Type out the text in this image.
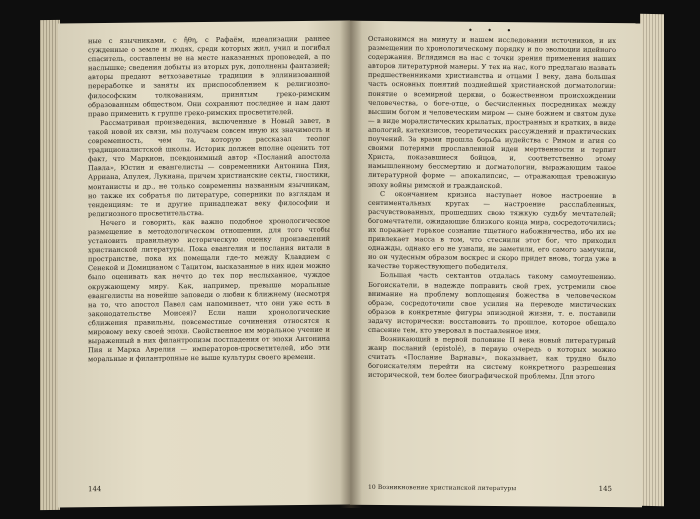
ные с язычниками, с ἤθη, с Рафаём, идеализации раннее сужденные о земле и людях, среди которых жил, учил и погибал спаситель, составлены не на месте наказанных проповедей, а по наслышке; сведения добыты из вторых рук, дополнены фантазией; авторы предают ветхозаветные традиции в эллинизованной переработке и заняты их приспособлением к религиозно-философским толкованиям, принятым греко-римским образованным обществом. Они сохраняют последнее и нам дают право применить к группе греко-римских просветителей.

Рассматривая произведения, включенные в Новый завет, в такой новой их связи, мы получаем совсем иную их значимость и современность, чем та, которую рассказал теолог традиционалистской школы. Историк должен вполне оценить тот факт, что Маркион, псевдонимный автор «Посланий апостола Павла», Юстин и евангелисты — современники Антонина Пия, Арриана, Апулея, Лукиана, причем христианские секты, гностики, монтанисты и др., не только современны названным язычникам, но также их собратья по литературе, соперники по взглядам и тенденциям: те и другие принадлежат веку философии и религиозного просветительства.

Нечего и говорить, как важно подобное хронологическое размещение в методологическом отношении, для того чтобы установить правильную историческую оценку произведений христианской литературы. Пока евангелия и послания витали в пространстве, пока их помещали где-то между Клавдием с Сенекой и Домицианом с Тацитом, высказанные в них идеи можно было оценивать как нечто до тех пор неслыханное, чуждое окружающему миру. Как, например, превыше моральные евангелисты на новейше заповеди о любви к ближнему (несмотря на то, что апостол Павел сам напоминает, что они уже есть в законодательстве Моисея)? Если наши хронологические сближения правильны, повсеместные сочинения относятся к мировому веку своей эпохи. Свойственное им моральное учение и выраженный в них филантропизм постпадения от эпохи Антонина Пия и Марка Аврелия — императоров-просветителей, ибо эти моральные и филантропные не выше культуры своего времени.

144
• • •

Остановимся на минуту и нашем исследовании источников, и их размещении по хронологическому порядку и по эволюции идейного содержания. Вглядимся на нас с точки зрения применения наших авторов литературной манеры. У тех на нас, кого предлагаю назвать предшественниками христианства и отцами I веку, дана большая часть основных понятий позднейшей христианской догматологии: понятие о всемирной церкви, о божественном происхождении человечества, о боге-отце, о бесчисленных посредниках между высшим богом и человеческим миром — сыне божием и святом духе — в виде моралистических крылатых, пространных и кратких, в виде апологий, катехизисов, теоретических рассуждений и практических поучений. За врами прошла борьба иудейства с Римом и агия со своими потерями прославленной идеи мертвенности и терпит Христа, показавшиеся бойцов, и, соответственно этому намышленному бессмертию и догматологии, выражающим такое литературной форме — апокалипсис, — отражающая тревожную эпоху войны римской и гражданской.

С окончанием кризиса наступает новое настроение в сентиментальных кругах — настроение расслабленных, расчувствованных, прошедших свою тяжкую судьбу мечтателей; богомечтатели, ожидающие близкого конца мира, сосредоточились; их поражает горькое сознание тщетного набожничества, ибо их не привлекает масса в том, что стеснили этот бог, что приходил однажды, однако его не узнали, не заметили, его самого замучили, но он чудесным образом воскрес и скоро придет вновь, тогда уже в качестве торжествующего победителя.

Большая часть сектантов отдалась такому самоутешению. Богоискатели, в надежде поправить свой грех, устремили свое внимание на проблему воплощения божества в человеческом образе, сосредоточили свое усилия на переводе мистических образов в конкретные фигуры эпизодной жизни, т. е. поставили задачу исторически: восстановить то прошлое, которое обещало спасение тем, кто уверовал в поставленное имя.

Возникающий в первой половине II века новый литературный жанр посланий (epistolé), в первую очередь о которых можно считать «Послание Варнавы», показывает, как трудно было богоискателям перейти на систему конкретного разрешения исторической, тем более биографической проблемы. Для этого

10 Возникновение христианской литературы	145
